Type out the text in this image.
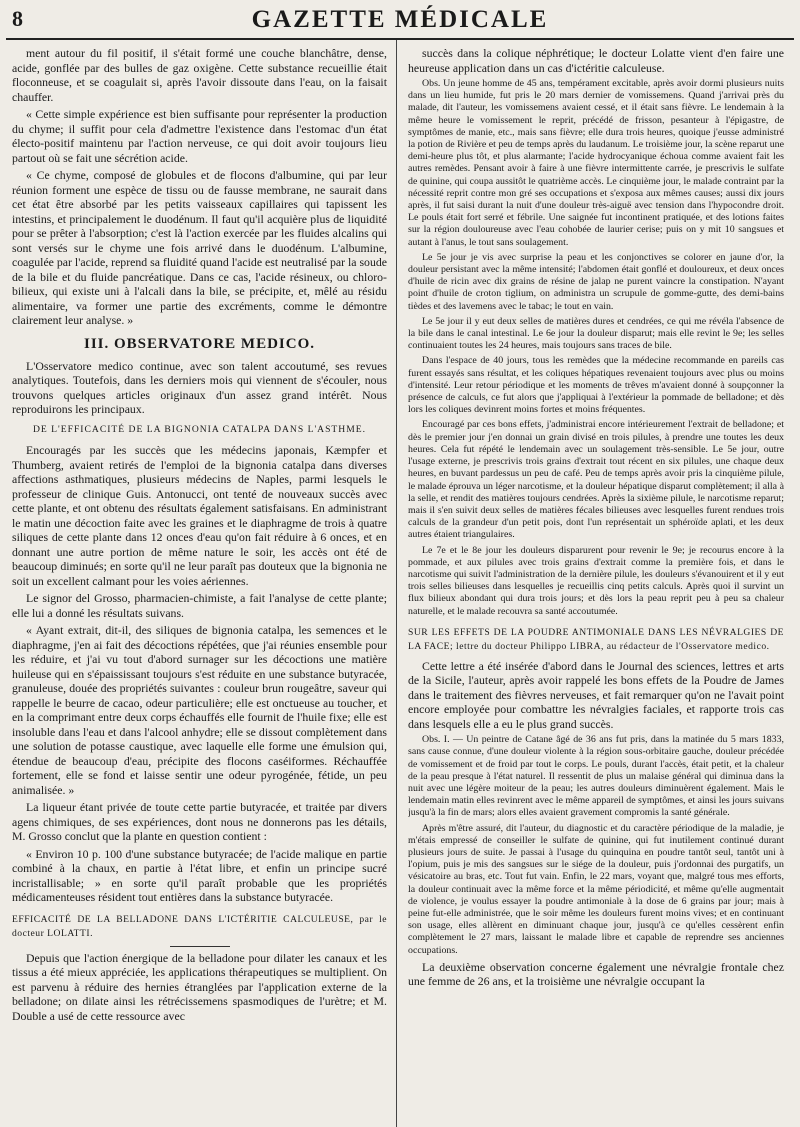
8	GAZETTE MÉDICALE

ment autour du fil positif, il s'était formé une couche blanchâtre, dense, acide, gonflée par des bulles de gaz oxigène. Cette substance recueillie était floconneuse, et se coagulait si, après l'avoir dissoute dans l'eau, on la faisait chauffer.

« Cette simple expérience est bien suffisante pour représenter la production du chyme; il suffit pour cela d'admettre l'existence dans l'estomac d'un état électo-positif maintenu par l'action nerveuse, ce qui doit avoir toujours lieu partout où se fait une sécrétion acide.

« Ce chyme, composé de globules et de flocons d'albumine, qui par leur réunion forment une espèce de tissu ou de fausse membrane, ne saurait dans cet état être absorbé par les petits vaisseaux capillaires qui tapissent les intestins, et principalement le duodénum. Il faut qu'il acquière plus de liquidité pour se prêter à l'absorption; c'est là l'action exercée par les fluides alcalins qui sont versés sur le chyme une fois arrivé dans le duodénum. L'albumine, coagulée par l'acide, reprend sa fluidité quand l'acide est neutralisé par la soude de la bile et du fluide pancréatique. Dans ce cas, l'acide résineux, ou chloro-bilieux, qui existe uni à l'alcali dans la bile, se précipite, et, mêlé au résidu alimentaire, va former une partie des excréments, comme le démontre clairement leur analyse. »

III. OBSERVATORE MEDICO.

L'Osservatore medico continue, avec son talent accoutumé, ses revues analytiques. Toutefois, dans les derniers mois qui viennent de s'écouler, nous trouvons quelques articles originaux d'un assez grand intérêt. Nous reproduirons les principaux.

DE L'EFFICACITÉ DE LA BIGNONIA CATALPA DANS L'ASTHME.

Encouragés par les succès que les médecins japonais, Kæmpfer et Thumberg, avaient retirés de l'emploi de la bignonia catalpa dans diverses affections asthmatiques, plusieurs médecins de Naples, parmi lesquels le professeur de clinique Guis. Antonucci, ont tenté de nouveaux succès avec cette plante, et ont obtenu des résultats également satisfaisans. En administrant le matin une décoction faite avec les graines et le diaphragme de trois à quatre siliques de cette plante dans 12 onces d'eau qu'on fait réduire à 6 onces, et en donnant une autre portion de même nature le soir, les accès ont été de beaucoup diminués; en sorte qu'il ne leur paraît pas douteux que la bignonia ne soit un excellent calmant pour les voies aériennes.

Le signor del Grosso, pharmacien-chimiste, a fait l'analyse de cette plante; elle lui a donné les résultats suivans.

« Ayant extrait, dit-il, des siliques de bignonia catalpa, les semences et le diaphragme, j'en ai fait des décoctions répétées, que j'ai réunies ensemble pour les réduire, et j'ai vu tout d'abord surnager sur les décoctions une matière huileuse qui en s'épaississant toujours s'est réduite en une substance butyracée, granuleuse, douée des propriétés suivantes : couleur brun rougeâtre, saveur qui rappelle le beurre de cacao, odeur particulière; elle est onctueuse au toucher, et en la comprimant entre deux corps échauffés elle fournit de l'huile fixe; elle est insoluble dans l'eau et dans l'alcool anhydre; elle se dissout complètement dans une solution de potasse caustique, avec laquelle elle forme une émulsion qui, étendue de beaucoup d'eau, précipite des flocons caséiformes. Réchauffée fortement, elle se fond et laisse sentir une odeur pyrogénée, fétide, un peu animalisée. »

La liqueur étant privée de toute cette partie butyracée, et traitée par divers agens chimiques, de ses expériences, dont nous ne donnerons pas les détails, M. Grosso conclut que la plante en question contient :

« Environ 10 p. 100 d'une substance butyracée; de l'acide malique en partie combiné à la chaux, en partie à l'état libre, et enfin un principe sucré incristallisable; » en sorte qu'il paraît probable que les propriétés médicamenteuses résident tout entières dans la substance butyracée.

EFFICACITÉ DE LA BELLADONE DANS L'ICTÉRITIE CALCULEUSE, par le docteur LOLATTI.

Depuis que l'action énergique de la belladone pour dilater les canaux et les tissus a été mieux appréciée, les applications thérapeutiques se multiplient. On est parvenu à réduire des hernies étranglées par l'application externe de la belladone; on dilate ainsi les rétrécissemens spasmodiques de l'urètre; et M. Double a usé de cette ressource avec

succès dans la colique néphrétique; le docteur Lolatte vient d'en faire une heureuse application dans un cas d'ictéritie calculeuse.

Obs. Un jeune homme de 45 ans, tempérament excitable, après avoir dormi plusieurs nuits dans un lieu humide, fut pris le 20 mars dernier de vomissemens. Quand j'arrivai près du malade, dit l'auteur, les vomissemens avaient cessé, et il était sans fièvre. Le lendemain à la même heure le vomissement le reprit, précédé de frisson, pesanteur à l'épigastre, de symptômes de manie, etc., mais sans fièvre; elle dura trois heures, quoique j'eusse administré la potion de Rivière et peu de temps après du laudanum. Le troisième jour, la scène reparut une demi-heure plus tôt, et plus alarmante; l'acide hydrocyanique échoua comme avaient fait les autres remèdes. Pensant avoir à faire à une fièvre intermittente carrée, je prescrivis le sulfate de quinine, qui coupa aussitôt le quatrième accès. Le cinquième jour, le malade contraint par la nécessité reprit contre mon gré ses occupations et s'exposa aux mêmes causes; aussi dix jours après, il fut saisi durant la nuit d'une douleur très-aiguë avec tension dans l'hypocondre droit. Le pouls était fort serré et fébrile. Une saignée fut incontinent pratiquée, et des lotions faites sur la région douloureuse avec l'eau cohobée de laurier cerise; puis on y mit 10 sangsues et autant à l'anus, le tout sans soulagement.

Le 5e jour je vis avec surprise la peau et les conjonctives se colorer en jaune d'or, la douleur persistant avec la même intensité; l'abdomen était gonflé et douloureux, et deux onces d'huile de ricin avec dix grains de résine de jalap ne purent vaincre la constipation. N'ayant point d'huile de croton tiglium, on administra un scrupule de gomme-gutte, des demi-bains tièdes et des lavemens avec le tabac; le tout en vain.

Le 5e jour il y eut deux selles de matières dures et cendrées, ce qui me révéla l'absence de la bile dans le canal intestinal. Le 6e jour la douleur disparut; mais elle revint le 9e; les selles continuaient toutes les 24 heures, mais toujours sans traces de bile.

Dans l'espace de 40 jours, tous les remèdes que la médecine recommande en pareils cas furent essayés sans résultat, et les coliques hépatiques revenaient toujours avec plus ou moins d'intensité. Leur retour périodique et les moments de trêves m'avaient donné à soupçonner la présence de calculs, ce fut alors que j'appliquai à l'extérieur la pommade de belladone; et dès lors les coliques devinrent moins fortes et moins fréquentes.

Encouragé par ces bons effets, j'administrai encore intérieurement l'extrait de belladone; et dès le premier jour j'en donnai un grain divisé en trois pilules, à prendre une toutes les deux heures. Cela fut répété le lendemain avec un soulagement très-sensible. Le 5e jour, outre l'usage externe, je prescrivis trois grains d'extrait tout récent en six pilules, une chaque deux heures, en buvant pardessus un peu de café. Peu de temps après avoir pris la cinquième pilule, le malade éprouva un léger narcotisme, et la douleur hépatique disparut complètement; il alla à la selle, et rendit des matières toujours cendrées. Après la sixième pilule, le narcotisme reparut; mais il s'en suivit deux selles de matières fécales bilieuses avec lesquelles furent rendues trois calculs de la grandeur d'un petit pois, dont l'un représentait un sphéroïde aplati, et les deux autres étaient triangulaires.

Le 7e et le 8e jour les douleurs disparurent pour revenir le 9e; je recourus encore à la pommade, et aux pilules avec trois grains d'extrait comme la première fois, et dans le narcotisme qui suivit l'administration de la dernière pilule, les douleurs s'évanouirent et il y eut trois selles bilieuses dans lesquelles je recueillis cinq petits calculs. Après quoi il survint un flux bilieux abondant qui dura trois jours; et dès lors la peau reprit peu à peu sa chaleur naturelle, et le malade recouvra sa santé accoutumée.

SUR LES EFFETS DE LA POUDRE ANTIMONIALE DANS LES NÉVRALGIES DE LA FACE; lettre du docteur Philippo LIBRA, au rédacteur de l'Osservatore medico.

Cette lettre a été insérée d'abord dans le Journal des sciences, lettres et arts de la Sicile, l'auteur, après avoir rappelé les bons effets de la Poudre de James dans le traitement des fièvres nerveuses, et fait remarquer qu'on ne l'avait point encore employée pour combattre les névralgies faciales, et rapporte trois cas dans lesquels elle a eu le plus grand succès.

Obs. I. — Un peintre de Catane âgé de 36 ans fut pris, dans la matinée du 5 mars 1833, sans cause connue, d'une douleur violente à la région sous-orbitaire gauche, douleur précédée de vomissement et de froid par tout le corps. Le pouls, durant l'accès, était petit, et la chaleur de la peau presque à l'état naturel. Il ressentit de plus un malaise général qui diminua dans la nuit avec une légère moiteur de la peau; les autres douleurs diminuèrent également. Mais le lendemain matin elles revinrent avec le même appareil de symptômes, et ainsi les jours suivans jusqu'à la fin de mars; alors elles avaient gravement compromis la santé générale.

Après m'être assuré, dit l'auteur, du diagnostic et du caractère périodique de la maladie, je m'étais empressé de conseiller le sulfate de quinine, qui fut inutilement continué durant plusieurs jours de suite. Je passai à l'usage du quinquina en poudre tantôt seul, tantôt uni à l'opium, puis je mis des sangsues sur le siége de la douleur, puis j'ordonnai des purgatifs, un vésicatoire au bras, etc. Tout fut vain. Enfin, le 22 mars, voyant que, malgré tous mes efforts, la douleur continuait avec la même force et la même périodicité, et même qu'elle augmentait de violence, je voulus essayer la poudre antimoniale à la dose de 6 grains par jour; mais à peine fut-elle administrée, que le soir même les douleurs furent moins vives; et en continuant son usage, elles allèrent en diminuant chaque jour, jusqu'à ce qu'elles cessèrent enfin complètement le 27 mars, laissant le malade libre et capable de reprendre ses anciennes occupations.

La deuxième observation concerne également une névralgie frontale chez une femme de 26 ans, et la troisième une névralgie occupant la
